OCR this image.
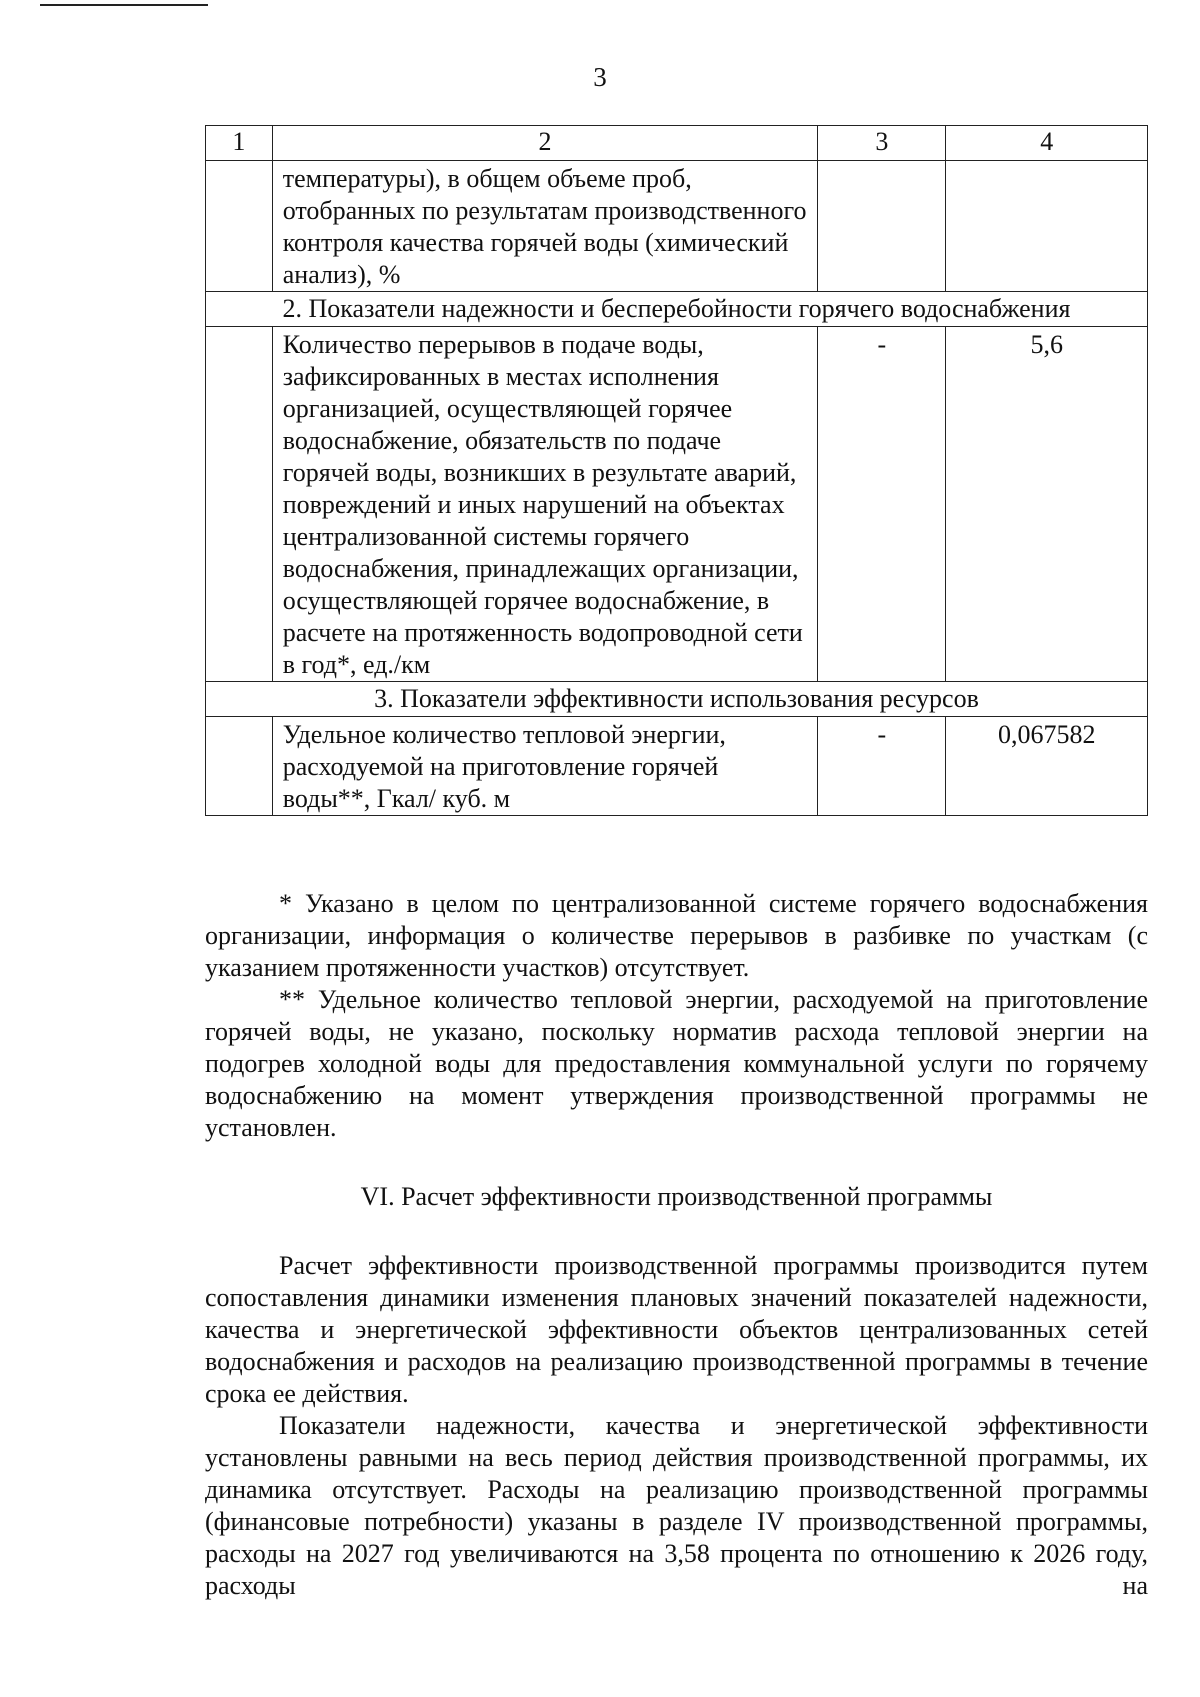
3
1	2	3	4
	температуры), в общем объеме проб, отобранных по результатам производственного контроля качества горячей воды (химический анализ), %		
2. Показатели надежности и бесперебойности горячего водоснабжения			
	Количество перерывов в подаче воды, зафиксированных в местах исполнения организацией, осуществляющей горячее водоснабжение, обязательств по подаче горячей воды, возникших в результате аварий, повреждений и иных нарушений на объектах централизованной системы горячего водоснабжения, принадлежащих организации, осуществляющей горячее водоснабжение, в расчете на протяженность водопроводной сети в год*, ед./км	-	5,6
3. Показатели эффективности использования ресурсов			
	Удельное количество тепловой энергии, расходуемой на приготовление горячей воды**, Гкал/ куб. м	-	0,067582

* Указано в целом по централизованной системе горячего водоснабжения организации, информация о количестве перерывов в разбивке по участкам (с указанием протяженности участков) отсутствует.

** Удельное количество тепловой энергии, расходуемой на приготовление горячей воды, не указано, поскольку норматив расхода тепловой энергии на подогрев холодной воды для предоставления коммунальной услуги по горячему водоснабжению на момент утверждения производственной программы не установлен.

VI. Расчет эффективности производственной программы

Расчет эффективности производственной программы производится путем сопоставления динамики изменения плановых значений показателей надежности, качества и энергетической эффективности объектов централизованных сетей водоснабжения и расходов на реализацию производственной программы в течение срока ее действия.

Показатели надежности, качества и энергетической эффективности установлены равными на весь период действия производственной программы, их динамика отсутствует. Расходы на реализацию производственной программы (финансовые потребности) указаны в разделе IV производственной программы, расходы на 2027 год увеличиваются на 3,58 процента по отношению к 2026 году, расходы на
